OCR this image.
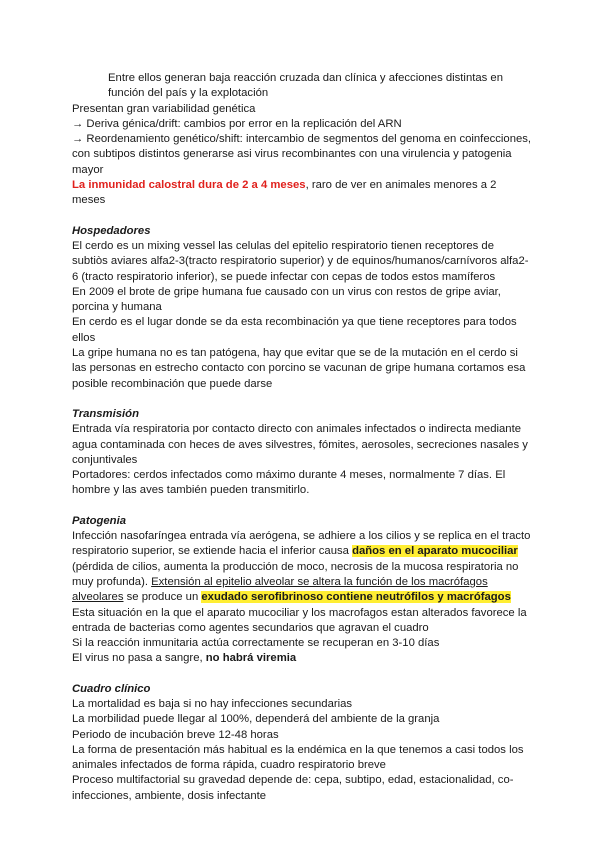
Entre ellos generan baja reacción cruzada dan clínica y afecciones distintas en función del país y la explotación

Presentan gran variabilidad genética

→ Deriva génica/drift: cambios por error en la replicación del ARN

→ Reordenamiento genético/shift: intercambio de segmentos del genoma en coinfecciones, con subtipos distintos generarse asi virus recombinantes con una virulencia y patogenia mayor

La inmunidad calostral dura de 2 a 4 meses, raro de ver en animales menores a 2 meses

Hospedadores

El cerdo es un mixing vessel las celulas del epitelio respiratorio tienen receptores de subtiòs aviares alfa2-3(tracto respiratorio superior) y de equinos/humanos/carnívoros alfa2-6 (tracto respiratorio inferior), se puede infectar con cepas de todos estos mamíferos

En 2009 el brote de gripe humana fue causado con un virus con restos de gripe aviar, porcina y humana

En cerdo es el lugar donde se da esta recombinación ya que tiene receptores para todos ellos

La gripe humana no es tan patógena, hay que evitar que se de la mutación en el cerdo si las personas en estrecho contacto con porcino se vacunan de gripe humana cortamos esa posible recombinación que puede darse

Transmisión

Entrada vía respiratoria por contacto directo con animales infectados o indirecta mediante agua contaminada con heces de aves silvestres, fómites, aerosoles, secreciones nasales y conjuntivales

Portadores: cerdos infectados como máximo durante 4 meses, normalmente 7 días. El hombre y las aves también pueden transmitirlo.

Patogenia

Infección nasofaríngea entrada vía aerógena, se adhiere a los cilios y se replica en el tracto respiratorio superior, se extiende hacia el inferior causa daños en el aparato mucociliar (pérdida de cilios, aumenta la producción de moco, necrosis de la mucosa respiratoria no muy profunda). Extensión al epitelio alveolar se altera la función de los macrófagos alveolares se produce un exudado serofibrinoso contiene neutrófilos y macrófagos

Esta situación en la que el aparato mucociliar y los macrofagos estan alterados favorece la entrada de bacterias como agentes secundarios que agravan el cuadro

Si la reacción inmunitaria actúa correctamente se recuperan en 3-10 días

El virus no pasa a sangre, no habrá viremia

Cuadro clínico

La mortalidad es baja si no hay infecciones secundarias

La morbilidad puede llegar al 100%, dependerá del ambiente de la granja

Periodo de incubación breve 12-48 horas

La forma de presentación más habitual es la endémica en la que tenemos a casi todos los animales infectados de forma rápida, cuadro respiratorio breve

Proceso multifactorial su gravedad depende de: cepa, subtipo, edad, estacionalidad, co-infecciones, ambiente, dosis infectante
